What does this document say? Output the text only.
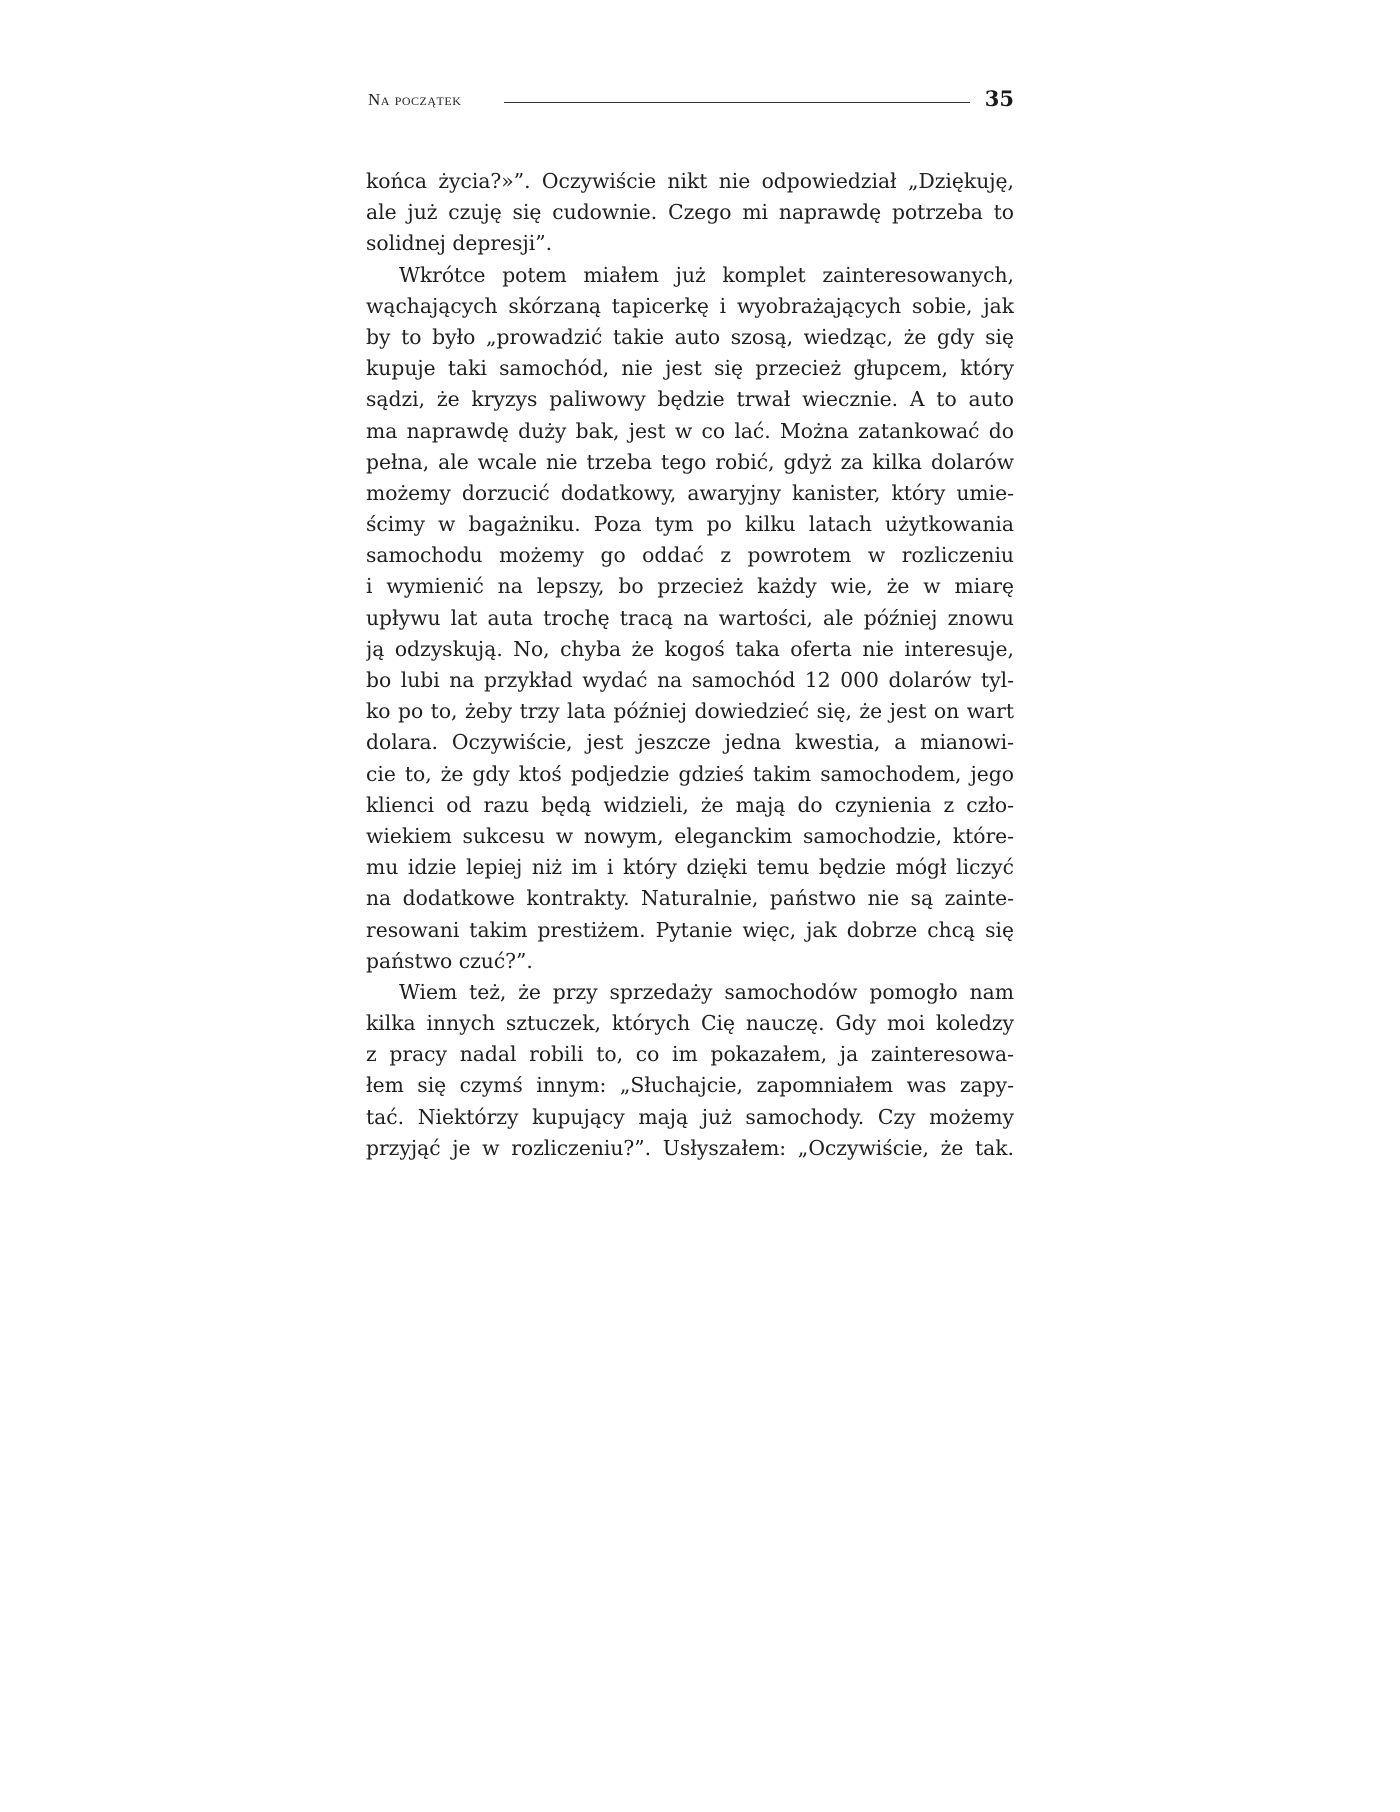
Na początek	35
końca życia?»”. Oczywiście nikt nie odpowiedział „Dziękuję,
ale już czuję się cudownie. Czego mi naprawdę potrzeba to
solidnej depresji”.
Wkrótce potem miałem już komplet zainteresowanych,
wąchających skórzaną tapicerkę i wyobrażających sobie, jak
by to było „prowadzić takie auto szosą, wiedząc, że gdy się
kupuje taki samochód, nie jest się przecież głupcem, który
sądzi, że kryzys paliwowy będzie trwał wiecznie. A to auto
ma naprawdę duży bak, jest w co lać. Można zatankować do
pełna, ale wcale nie trzeba tego robić, gdyż za kilka dolarów
możemy dorzucić dodatkowy, awaryjny kanister, który umie-
ścimy w bagażniku. Poza tym po kilku latach użytkowania
samochodu możemy go oddać z powrotem w rozliczeniu
i wymienić na lepszy, bo przecież każdy wie, że w miarę
upływu lat auta trochę tracą na wartości, ale później znowu
ją odzyskują. No, chyba że kogoś taka oferta nie interesuje,
bo lubi na przykład wydać na samochód 12 000 dolarów tyl-
ko po to, żeby trzy lata później dowiedzieć się, że jest on wart
dolara. Oczywiście, jest jeszcze jedna kwestia, a mianowi-
cie to, że gdy ktoś podjedzie gdzieś takim samochodem, jego
klienci od razu będą widzieli, że mają do czynienia z czło-
wiekiem sukcesu w nowym, eleganckim samochodzie, które-
mu idzie lepiej niż im i który dzięki temu będzie mógł liczyć
na dodatkowe kontrakty. Naturalnie, państwo nie są zainte-
resowani takim prestiżem. Pytanie więc, jak dobrze chcą się
państwo czuć?”.
Wiem też, że przy sprzedaży samochodów pomogło nam
kilka innych sztuczek, których Cię nauczę. Gdy moi koledzy
z pracy nadal robili to, co im pokazałem, ja zainteresowa-
łem się czymś innym: „Słuchajcie, zapomniałem was zapy-
tać. Niektórzy kupujący mają już samochody. Czy możemy
przyjąć je w rozliczeniu?”. Usłyszałem: „Oczywiście, że tak.
